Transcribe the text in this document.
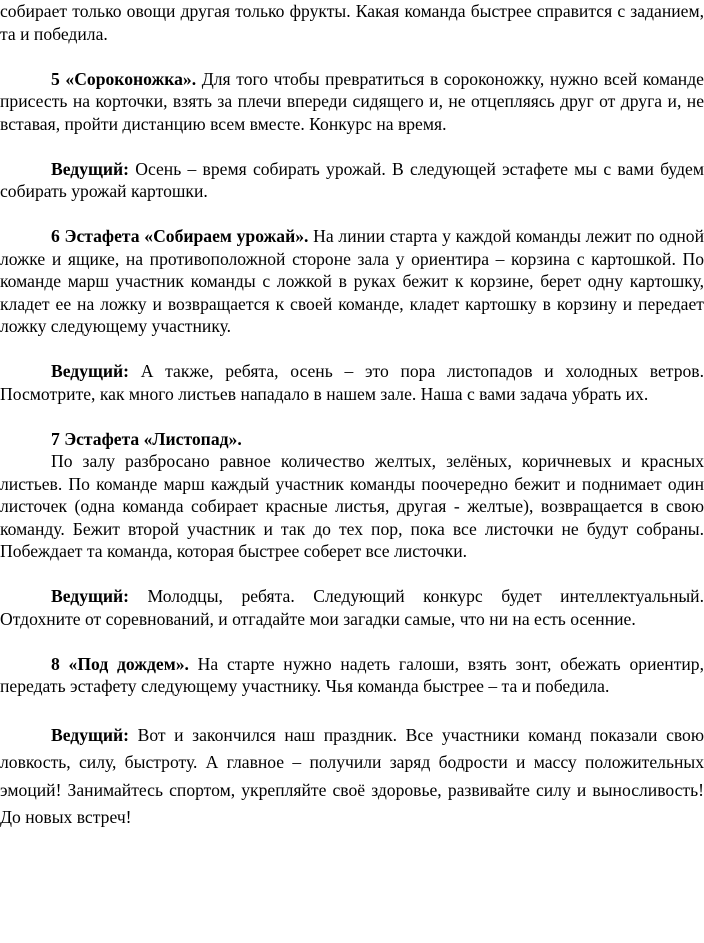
собирает только овощи другая только фрукты. Какая команда быстрее справится с заданием, та и победила.

5 «Сороконожка». Для того чтобы превратиться в сороконожку, нужно всей команде присесть на корточки, взять за плечи впереди сидящего и, не отцепляясь друг от друга и, не вставая, пройти дистанцию всем вместе. Конкурс на время.

Ведущий: Осень – время собирать урожай. В следующей эстафете мы с вами будем собирать урожай картошки.

6 Эстафета «Собираем урожай». На линии старта у каждой команды лежит по одной ложке и ящике, на противоположной стороне зала у ориентира – корзина с картошкой. По команде марш участник команды с ложкой в руках бежит к корзине, берет одну картошку, кладет ее на ложку и возвращается к своей команде, кладет картошку в корзину и передает ложку следующему участнику.

Ведущий: А также, ребята, осень – это пора листопадов и холодных ветров. Посмотрите, как много листьев нападало в нашем зале. Наша с вами задача убрать их.

7 Эстафета «Листопад».

По залу разбросано равное количество желтых, зелёных, коричневых и красных листьев. По команде марш каждый участник команды поочередно бежит и поднимает один листочек (одна команда собирает красные листья, другая - желтые), возвращается в свою команду. Бежит второй участник и так до тех пор, пока все листочки не будут собраны. Побеждает та команда, которая быстрее соберет все листочки.

Ведущий: Молодцы, ребята. Следующий конкурс будет интеллектуальный. Отдохните от соревнований, и отгадайте мои загадки самые, что ни на есть осенние.

8 «Под дождем». На старте нужно надеть галоши, взять зонт, обежать ориентир, передать эстафету следующему участнику. Чья команда быстрее – та и победила.

Ведущий: Вот и закончился наш праздник. Все участники команд показали свою ловкость, силу, быстроту. А главное – получили заряд бодрости и массу положительных эмоций! Занимайтесь спортом, укрепляйте своё здоровье, развивайте силу и выносливость! До новых встреч!
